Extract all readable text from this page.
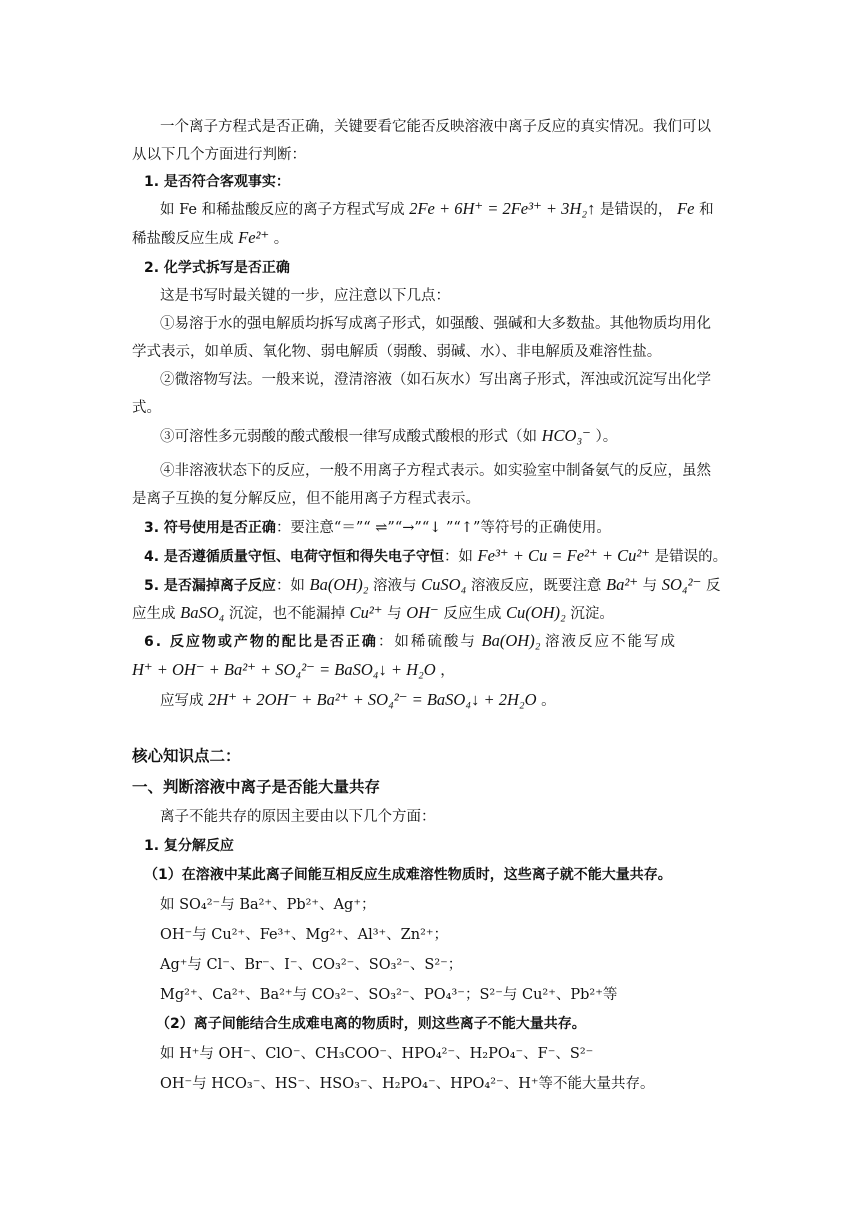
一个离子方程式是否正确，关键要看它能否反映溶液中离子反应的真实情况。我们可以

从以下几个方面进行判断：

1. 是否符合客观事实：

如 Fe 和稀盐酸反应的离子方程式写成 2Fe + 6H⁺ = 2Fe³⁺ + 3H₂↑ 是错误的， Fe 和

稀盐酸反应生成 Fe²⁺ 。

2. 化学式拆写是否正确

这是书写时最关键的一步，应注意以下几点：

①易溶于水的强电解质均拆写成离子形式，如强酸、强碱和大多数盐。其他物质均用化

学式表示，如单质、氧化物、弱电解质（弱酸、弱碱、水）、非电解质及难溶性盐。

②微溶物写法。一般来说，澄清溶液（如石灰水）写出离子形式，浑浊或沉淀写出化学

式。

③可溶性多元弱酸的酸式酸根一律写成酸式酸根的形式（如 HCO₃⁻ ）。

④非溶液状态下的反应，一般不用离子方程式表示。如实验室中制备氨气的反应，虽然

是离子互换的复分解反应，但不能用离子方程式表示。

3. 符号使用是否正确：要注意“＝”“ ⇌”“→”“↓ ”“↑”等符号的正确使用。

4. 是否遵循质量守恒、电荷守恒和得失电子守恒：如 Fe³⁺ + Cu = Fe²⁺ + Cu²⁺ 是错误的。

5. 是否漏掉离子反应：如 Ba(OH)₂ 溶液与 CuSO₄ 溶液反应，既要注意 Ba²⁺ 与 SO₄²⁻ 反

应生成 BaSO₄ 沉淀，也不能漏掉 Cu²⁺ 与 OH⁻ 反应生成 Cu(OH)₂ 沉淀。

6. 反应物或产物的配比是否正确：如稀硫酸与 Ba(OH)₂ 溶液反应不能写成

H⁺ + OH⁻ + Ba²⁺ + SO₄²⁻ = BaSO₄↓ + H₂O ，

应写成 2H⁺ + 2OH⁻ + Ba²⁺ + SO₄²⁻ = BaSO₄↓ + 2H₂O 。

核心知识点二：

一、判断溶液中离子是否能大量共存

离子不能共存的原因主要由以下几个方面：

1. 复分解反应

（1）在溶液中某此离子间能互相反应生成难溶性物质时，这些离子就不能大量共存。

如 SO₄²⁻与 Ba²⁺、Pb²⁺、Ag⁺；

OH⁻与 Cu²⁺、Fe³⁺、Mg²⁺、Al³⁺、Zn²⁺；

Ag⁺与 Cl⁻、Br⁻、I⁻、CO₃²⁻、SO₃²⁻、S²⁻；

Mg²⁺、Ca²⁺、Ba²⁺与 CO₃²⁻、SO₃²⁻、PO₄³⁻；S²⁻与 Cu²⁺、Pb²⁺等

（2）离子间能结合生成难电离的物质时，则这些离子不能大量共存。

如 H⁺与 OH⁻、ClO⁻、CH₃COO⁻、HPO₄²⁻、H₂PO₄⁻、F⁻、S²⁻

OH⁻与 HCO₃⁻、HS⁻、HSO₃⁻、H₂PO₄⁻、HPO₄²⁻、H⁺等不能大量共存。
